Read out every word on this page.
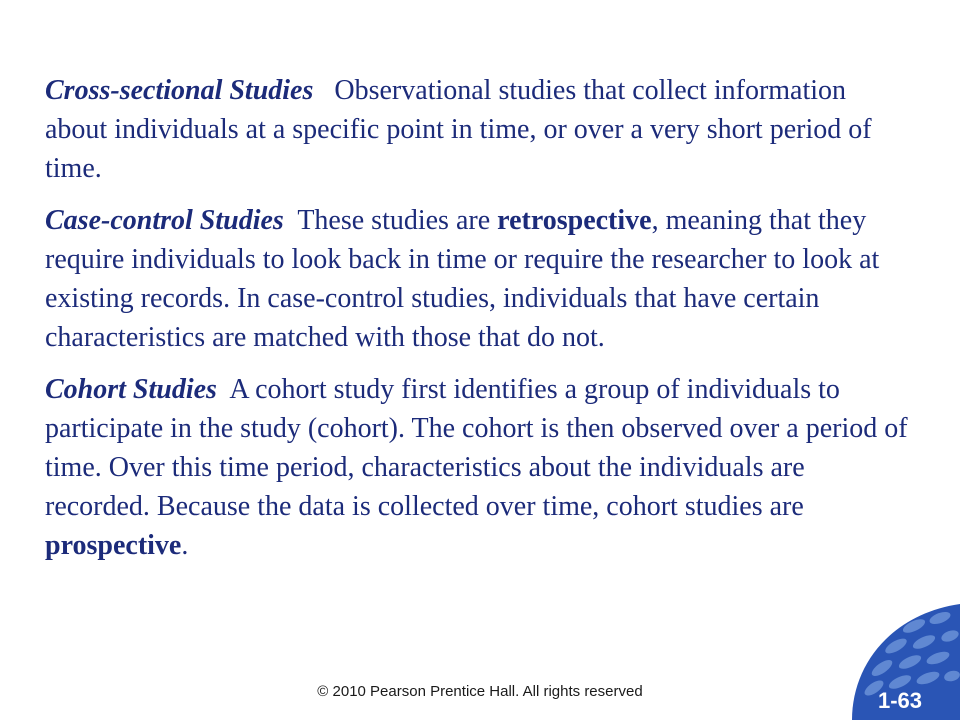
Cross-sectional Studies Observational studies that collect information about individuals at a specific point in time, or over a very short period of time.

Case-control Studies These studies are retrospective, meaning that they require individuals to look back in time or require the researcher to look at existing records. In case-control studies, individuals that have certain characteristics are matched with those that do not.

Cohort Studies A cohort study first identifies a group of individuals to participate in the study (cohort). The cohort is then observed over a period of time. Over this time period, characteristics about the individuals are recorded. Because the data is collected over time, cohort studies are prospective.

© 2010 Pearson Prentice Hall. All rights reserved	1-63
